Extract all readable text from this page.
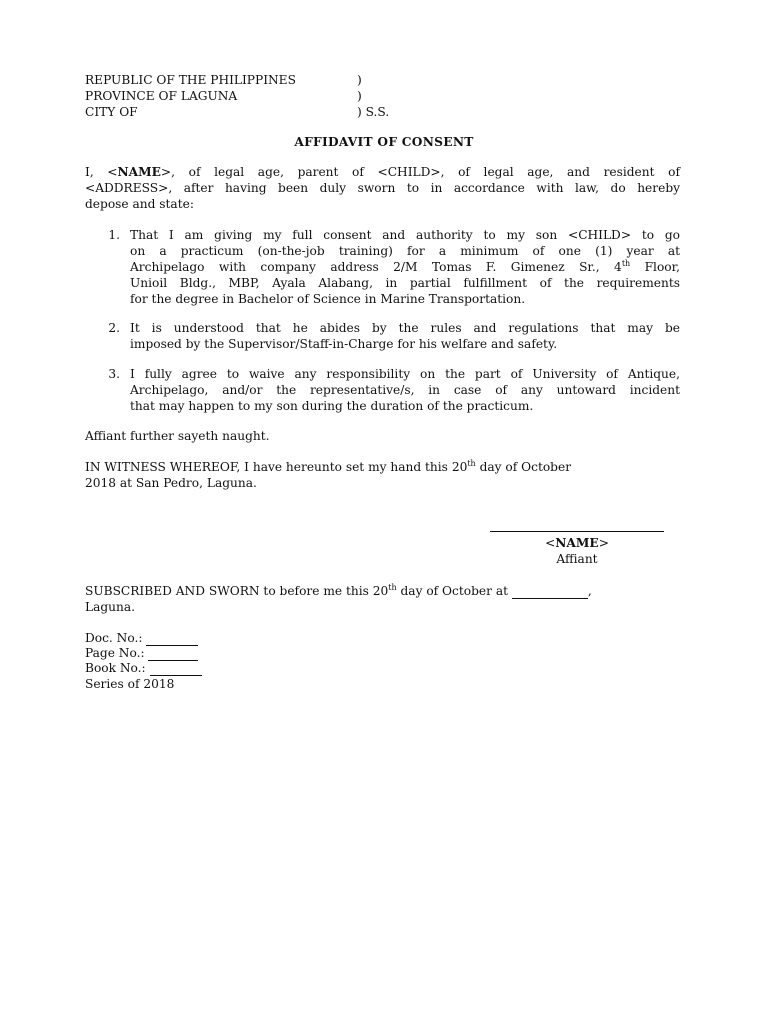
REPUBLIC OF THE PHILIPPINES	)
PROVINCE OF LAGUNA	)
CITY OF	) S.S.
AFFIDAVIT OF CONSENT
I, <NAME>, of legal age, parent of <CHILD>, of legal age, and resident of
<ADDRESS>, after having been duly sworn to in accordance with law, do hereby
depose and state:
1. That I am giving my full consent and authority to my son <CHILD> to go
on a practicum (on-the-job training) for a minimum of one (1) year at
Archipelago with company address 2/M Tomas F. Gimenez Sr., 4th Floor,
Unioil Bldg., MBP, Ayala Alabang, in partial fulfillment of the requirements
for the degree in Bachelor of Science in Marine Transportation.
2. It is understood that he abides by the rules and regulations that may be
imposed by the Supervisor/Staff-in-Charge for his welfare and safety.
3. I fully agree to waive any responsibility on the part of University of Antique,
Archipelago, and/or the representative/s, in case of any untoward incident
that may happen to my son during the duration of the practicum.
Affiant further sayeth naught.
IN WITNESS WHEREOF, I have hereunto set my hand this 20th day of October
2018 at San Pedro, Laguna.
<NAME>
Affiant
SUBSCRIBED AND SWORN to before me this 20th day of October at	,
Laguna.
Doc. No.:
Page No.:
Book No.:
Series of 2018
